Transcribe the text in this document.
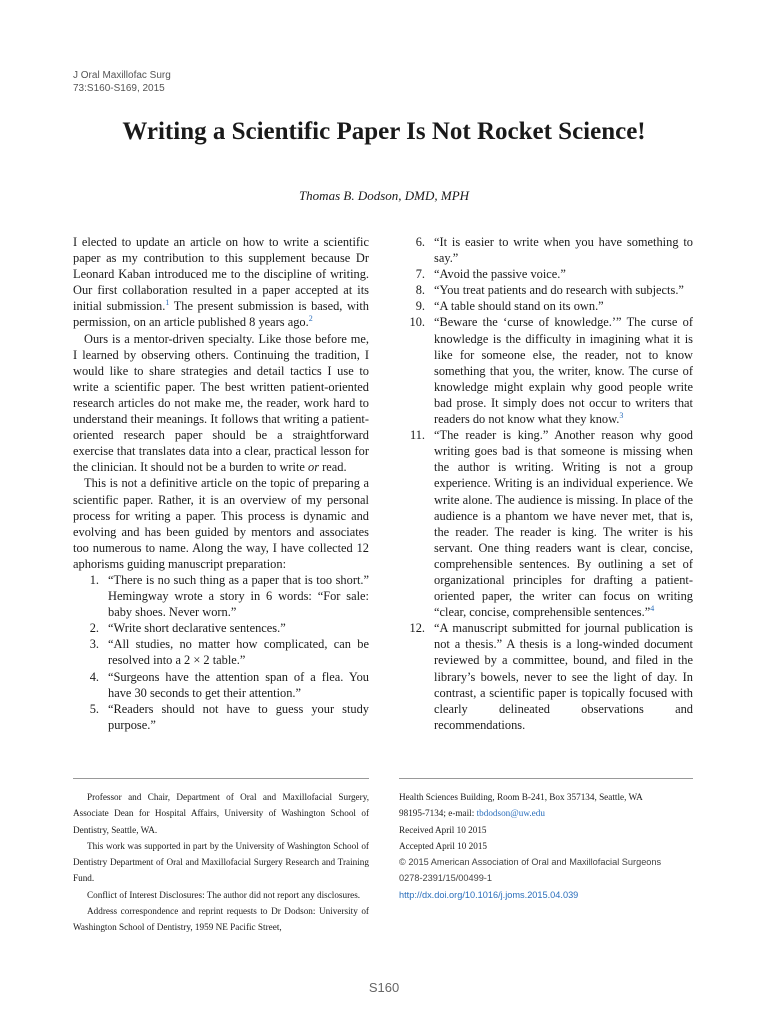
J Oral Maxillofac Surg
73:S160-S169, 2015
Writing a Scientific Paper Is Not Rocket Science!
Thomas B. Dodson, DMD, MPH

I elected to update an article on how to write a scientific paper as my contribution to this supplement because Dr Leonard Kaban introduced me to the discipline of writing. Our first collaboration resulted in a paper accepted at its initial submission.$^1$ The present submission is based, with permission, on an article published 8 years ago.$^2$

Ours is a mentor-driven specialty. Like those before me, I learned by observing others. Continuing the tradition, I would like to share strategies and detail tactics I use to write a scientific paper. The best written patient-oriented research articles do not make me, the reader, work hard to understand their meanings. It follows that writing a patient-oriented research paper should be a straightforward exercise that translates data into a clear, practical lesson for the clinician. It should not be a burden to write or read.

This is not a definitive article on the topic of preparing a scientific paper. Rather, it is an overview of my personal process for writing a paper. This process is dynamic and evolving and has been guided by mentors and associates too numerous to name. Along the way, I have collected 12 aphorisms guiding manuscript preparation:

1. “There is no such thing as a paper that is too short.” Hemingway wrote a story in 6 words: “For sale: baby shoes. Never worn.”
2. “Write short declarative sentences.”
3. “All studies, no matter how complicated, can be resolved into a 2 × 2 table.”
4. “Surgeons have the attention span of a flea. You have 30 seconds to get their attention.”
5. “Readers should not have to guess your study purpose.”
6. “It is easier to write when you have something to say.”
7. “Avoid the passive voice.”
8. “You treat patients and do research with subjects.”
9. “A table should stand on its own.”
10. “Beware the ‘curse of knowledge.’” The curse of knowledge is the difficulty in imagining what it is like for someone else, the reader, not to know something that you, the writer, know. The curse of knowledge might explain why good people write bad prose. It simply does not occur to writers that readers do not know what they know.$^3$
11. “The reader is king.” Another reason why good writing goes bad is that someone is missing when the author is writing. Writing is not a group experience. Writing is an individual experience. We write alone. The audience is missing. In place of the audience is a phantom we have never met, that is, the reader. The reader is king. The writer is his servant. One thing readers want is clear, concise, comprehensible sentences. By outlining a set of organizational principles for drafting a patient-oriented paper, the writer can focus on writing “clear, concise, comprehensible sentences.”$^4$
12. “A manuscript submitted for journal publication is not a thesis.” A thesis is a long-winded document reviewed by a committee, bound, and filed in the library’s bowels, never to see the light of day. In contrast, a scientific paper is topically focused with clearly delineated observations and recommendations.

Professor and Chair, Department of Oral and Maxillofacial Surgery, Associate Dean for Hospital Affairs, University of Washington School of Dentistry, Seattle, WA.

This work was supported in part by the University of Washington School of Dentistry Department of Oral and Maxillofacial Surgery Research and Training Fund.

Conflict of Interest Disclosures: The author did not report any disclosures.

Address correspondence and reprint requests to Dr Dodson: University of Washington School of Dentistry, 1959 NE Pacific Street,

Health Sciences Building, Room B-241, Box 357134, Seattle, WA
98195-7134; e-mail: tbdodson@uw.edu
Received April 10 2015
Accepted April 10 2015
© 2015 American Association of Oral and Maxillofacial Surgeons
0278-2391/15/00499-1
http://dx.doi.org/10.1016/j.joms.2015.04.039
S160
